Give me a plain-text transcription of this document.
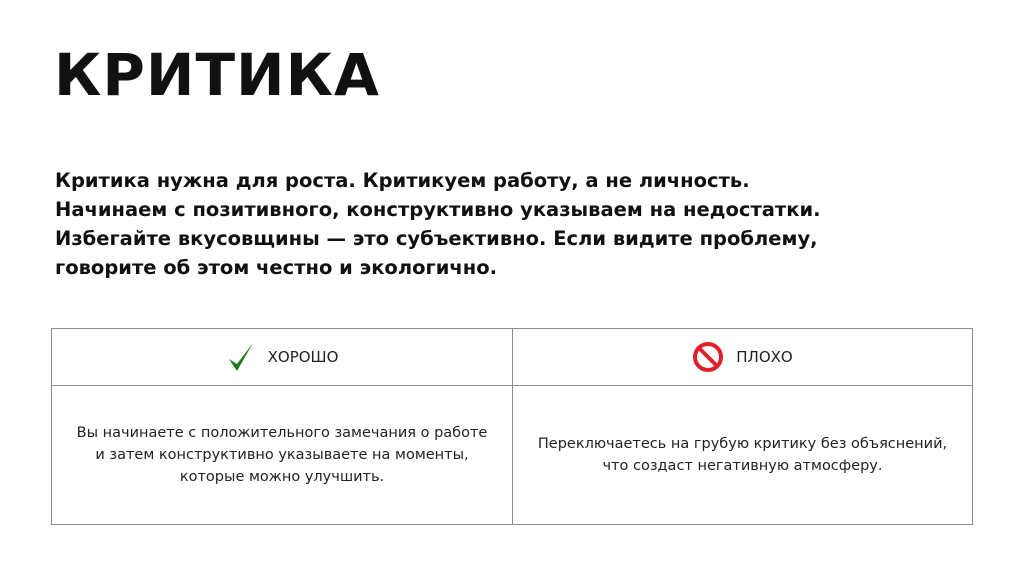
КРИТИКА

Критика нужна для роста. Критикуем работу, а не личность.
Начинаем с позитивного, конструктивно указываем на недостатки.
Избегайте вкусовщины — это субъективно. Если видите проблему,
говорите об этом честно и экологично.

ХОРОШО	ПЛОХО
Вы начинаете с положительного замечания о работе
и затем конструктивно указываете на моменты,
которые можно улучшить.
Переключаетесь на грубую критику без объяснений,
что создаст негативную атмосферу.
